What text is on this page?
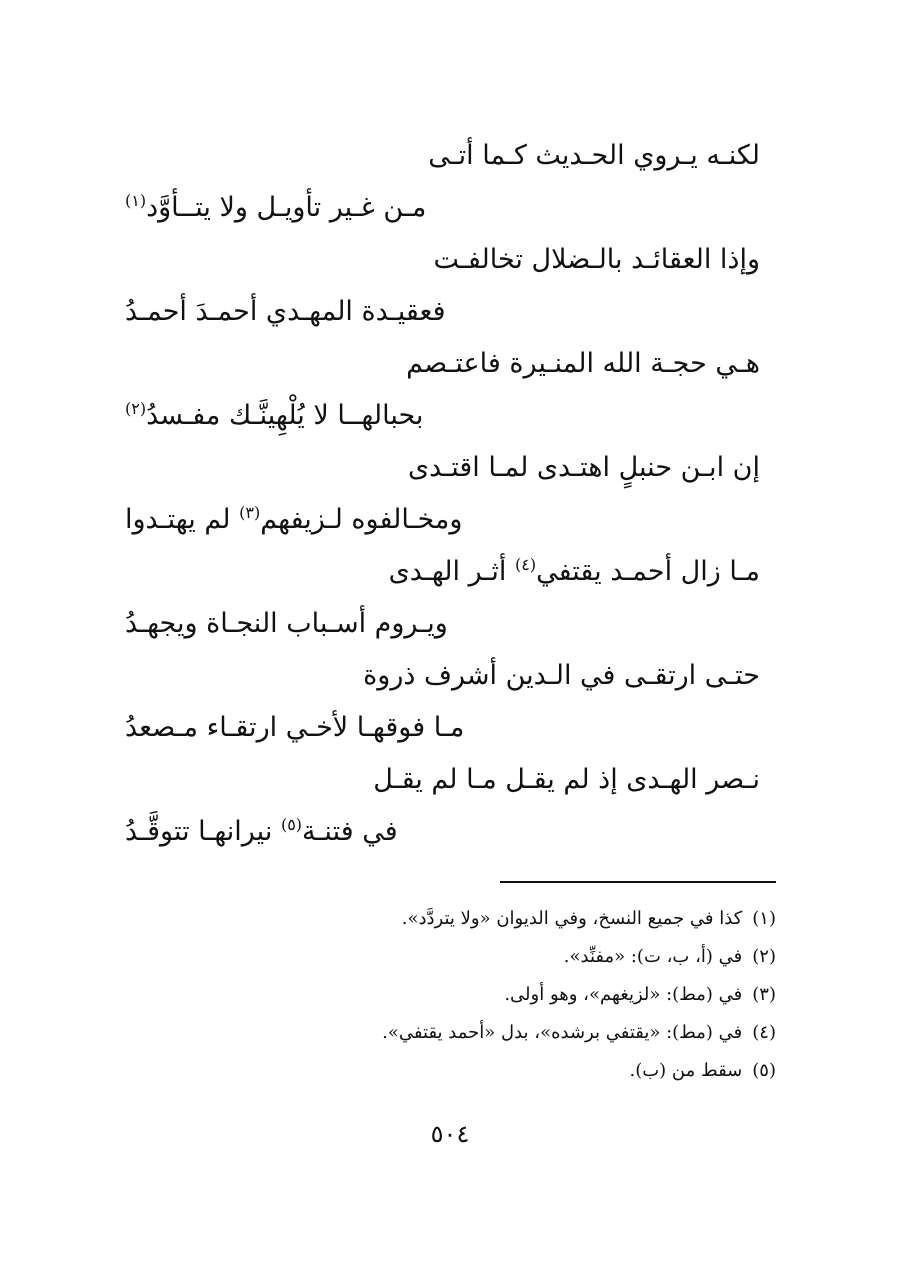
لكنـه يـروي الحـديث كـما أتـى
مـن غـير تأويـل ولا يتــأوَّد$^{(١)}$
وإذا العقائـد بالـضلال تخالفـت
فعقيـدة المهـدي أحمـدَ أحمـدُ
هـي حجـة الله المنـيرة فاعتـصم
بحبالهــا لا يُلْهِينَّـك مفـسدُ$^{(٢)}$
إن ابـن حنبلٍ اهتـدى لمـا اقتـدى
ومخـالفوه لـزيفهم$^{(٣)}$ لم يهتـدوا
مـا زال أحمـد يقتفي$^{(٤)}$ أثـر الهـدى
ويـروم أسـباب النجـاة ويجهـدُ
حتـى ارتقـى في الـدين أشرف ذروة
مـا فوقهـا لأخـي ارتقـاء مـصعدُ
نـصر الهـدى إذ لم يقـل مـا لم يقـل
في فتنـة$^{(٥)}$ نيرانهـا تتوقَّـدُ
(١)كذا في جميع النسخ، وفي الديوان «ولا يتردَّد».
(٢)في (أ، ب، ت): «مفنِّد».
(٣)في (مط): «لزيغهم»، وهو أولى.
(٤)في (مط): «يقتفي برشده»، بدل «أحمد يقتفي».
(٥)سقط من (ب).
٥٠٤
